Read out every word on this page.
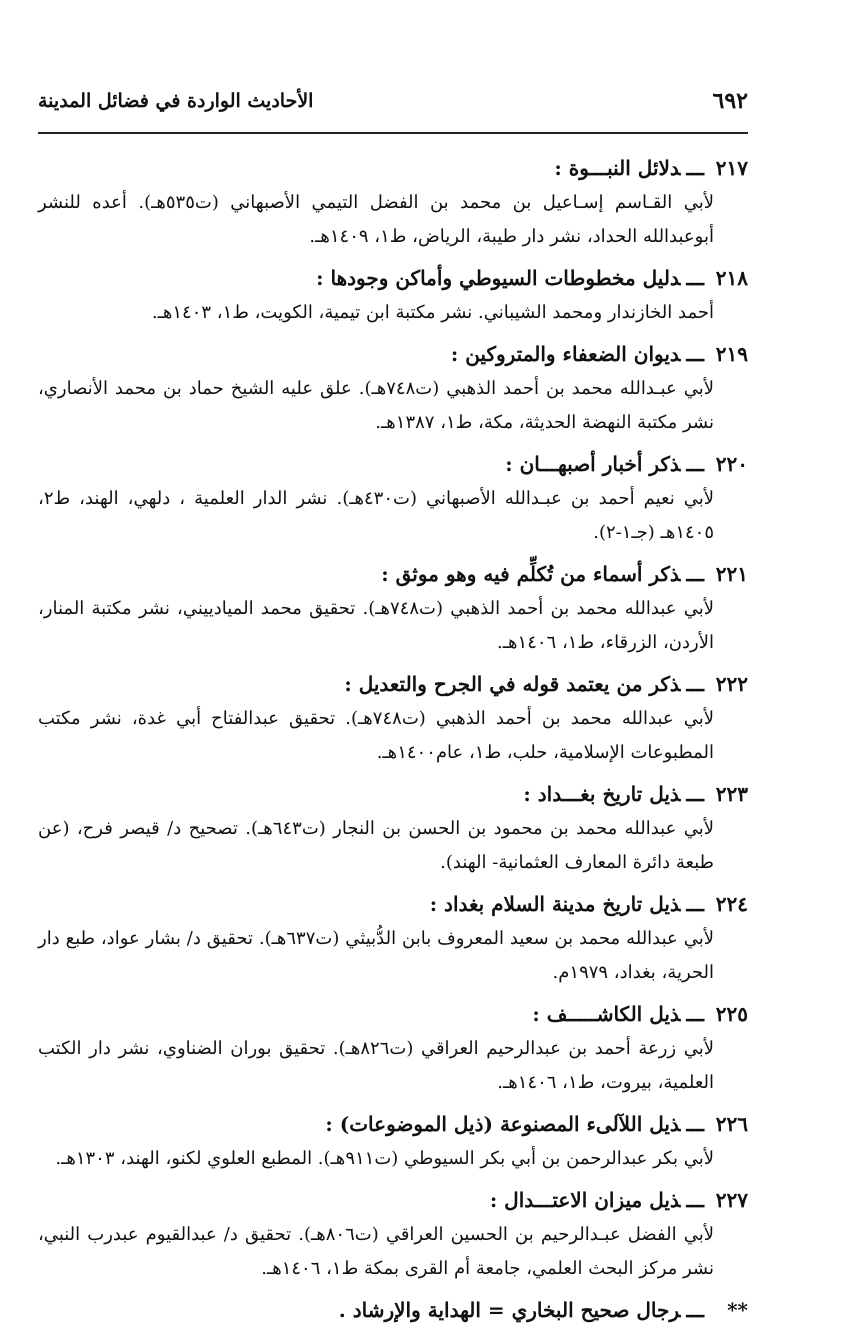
٦٩٢
الأحاديث الواردة في فضائل المدينة
٢١٧ـــدلائل النبـــوة :
لأبي القـاسم إسـاعيل بن محمد بن الفضل التيمي الأصبهاني (ت٥٣٥هـ). أعده للنشر أبوعبدالله الحداد، نشر دار طيبة، الرياض، ط١، ١٤٠٩هـ.
٢١٨ـــدليل مخطوطات السيوطي وأماكن وجودها :
أحمد الخازندار ومحمد الشيباني. نشر مكتبة ابن تيمية، الكويت، ط١، ١٤٠٣هـ.
٢١٩ـــديوان الضعفاء والمتروكين :
لأبي عبـدالله محمد بن أحمد الذهبي (ت٧٤٨هـ). علق عليه الشيخ حماد بن محمد الأنصاري، نشر مكتبة النهضة الحديثة، مكة، ط١، ١٣٨٧هـ.
٢٢٠ـــذكر أخبار أصبهـــان :
لأبي نعيم أحمد بن عبـدالله الأصبهاني (ت٤٣٠هـ). نشر الدار العلمية ، دلهي، الهند، ط٢، ١٤٠٥هـ (جـ١-٢).
٢٢١ـــذكر أسماء من تُكلِّم فيه وهو موثق :
لأبي عبدالله محمد بن أحمد الذهبي (ت٧٤٨هـ). تحقيق محمد الميادييني، نشر مكتبة المنار، الأردن، الزرقاء، ط١، ١٤٠٦هـ.
٢٢٢ـــذكر من يعتمد قوله في الجرح والتعديل :
لأبي عبدالله محمد بن أحمد الذهبي (ت٧٤٨هـ). تحقيق عبدالفتاح أبي غدة، نشر مكتب المطبوعات الإسلامية، حلب، ط١، عام١٤٠٠هـ.
٢٢٣ـــذيل تاريخ بغـــداد :
لأبي عبدالله محمد بن محمود بن الحسن بن النجار (ت٦٤٣هـ). تصحيح د/ قيصر فرح، (عن طبعة دائرة المعارف العثمانية- الهند).
٢٢٤ـــذيل تاريخ مدينة السلام بغداد :
لأبي عبدالله محمد بن سعيد المعروف بابن الدُّبيثي (ت٦٣٧هـ). تحقيق د/ بشار عواد، طبع دار الحرية، بغداد، ١٩٧٩م.
٢٢٥ـــذيل الكاشـــــف :
لأبي زرعة أحمد بن عبدالرحيم العراقي (ت٨٢٦هـ). تحقيق بوران الضناوي، نشر دار الكتب العلمية، بيروت، ط١، ١٤٠٦هـ.
٢٢٦ـــذيل اللآلىء المصنوعة (ذيل الموضوعات) :
لأبي بكر عبدالرحمن بن أبي بكر السيوطي (ت٩١١هـ). المطبع العلوي لكنو، الهند، ١٣٠٣هـ.
٢٢٧ـــذيل ميزان الاعتـــدال :
لأبي الفضل عبـدالرحيم بن الحسين العراقي (ت٨٠٦هـ). تحقيق د/ عبدالقيوم عبدرب النبي، نشر مركز البحث العلمي، جامعة أم القرى بمكة ط١، ١٤٠٦هـ.
**ـــرجال صحيح البخاري = الهداية والإرشاد .
